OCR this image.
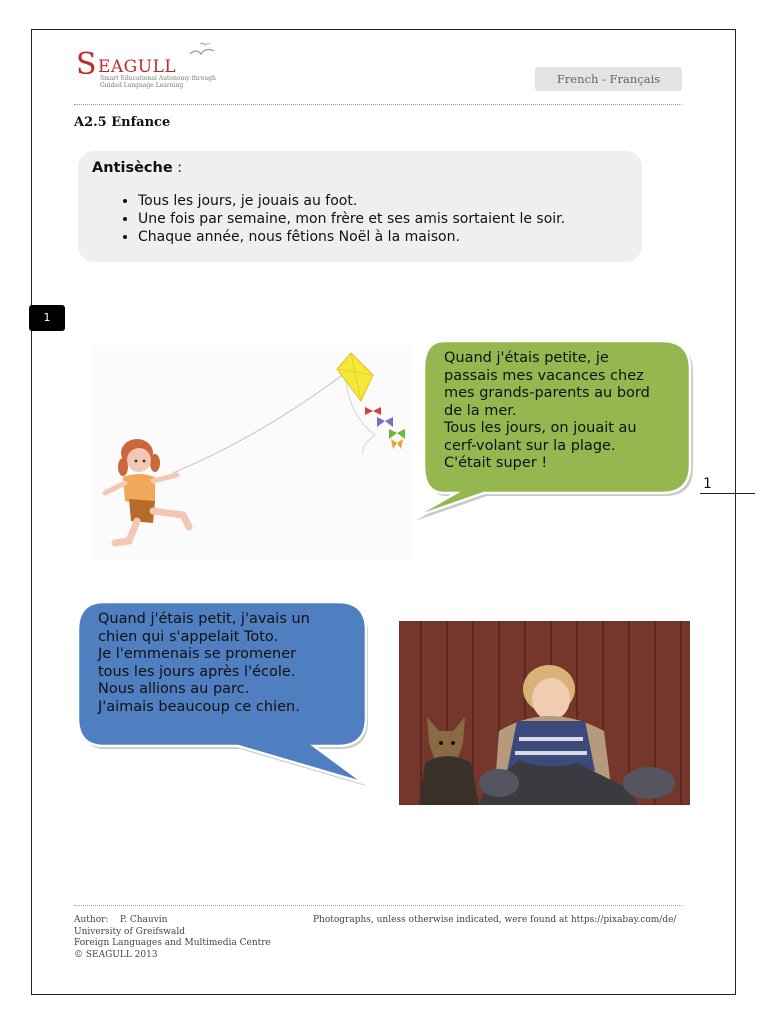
S EAGULL
Smart Educational Autonomy through Guided Language Learning	French - Français
A2.5 Enfance
Antisèche :
• Tous les jours, je jouais au foot.
• Une fois par semaine, mon frère et ses amis sortaient le soir.
• Chaque année, nous fêtions Noël à la maison.
1
Quand j'étais petite, je
passais mes vacances chez
mes grands-parents au bord
de la mer.
Tous les jours, on jouait au
cerf-volant sur la plage.
C'était super !
1
Quand j'étais petit, j'avais un
chien qui s'appelait Toto.
Je l'emmenais se promener
tous les jours après l'école.
Nous allions au parc.
J'aimais beaucoup ce chien.
Author: P. Chauvin
University of Greifswald
Foreign Languages and Multimedia Centre
© SEAGULL 2013
Photographs, unless otherwise indicated, were found at https://pixabay.com/de/
